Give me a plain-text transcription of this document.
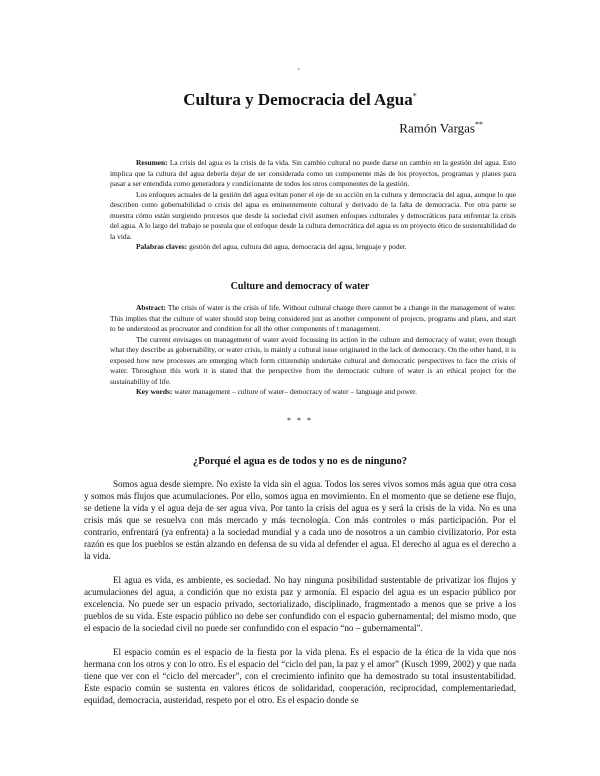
´
Cultura y Democracia del Agua*
Ramón Vargas**

Resumen: La crisis del agua es la crisis de la vida. Sin cambio cultural no puede darse un cambio en la gestión del agua. Esto implica que la cultura del agua debería dejar de ser considerada como un componente más de los proyectos, programas y planes para pasar a ser entendida como generadora y condicionante de todos los otros componentes de la gestión.

Los enfoques actuales de la gestión del agua evitan poner el eje de su acción en la cultura y democracia del agua, aunque lo que describen como gobernabilidad o crisis del agua es eminentemente cultural y derivado de la falta de democracia. Por otra parte se muestra cómo están surgiendo procesos que desde la sociedad civil asumen enfoques culturales y democráticos para enfrentar la crisis del agua. A lo largo del trabajo se postula que el enfoque desde la cultura democrática del agua es un proyecto ético de sustentabilidad de la vida.

Palabras claves: gestión del agua, cultura del agua, democracia del agua, lenguaje y poder.

Culture and democracy of water

Abstract: The crisis of water is the crisis of life. Without cultural change there cannot be a change in the management of water. This implies that the culture of water should stop being considered just as another component of projects, programs and plans, and start to be understood as procreator and condition for all the other components of t management.

The current envisages on management of water avoid focussing its action in the culture and democracy of water, even though what they describe as gobernability, or water crisis, is mainly a cultural issue originated in the lack of democracy. On the other hand, it is exposed how new processes are emerging which form citizenship undertake cultural and democratic perspectives to face the crisis of water. Throughout this work it is stated that the perspective from the democratic culture of water is an ethical project for the sustainability of life.

Key words: water management – culture of water– democracy of water – language and power.

* * *
¿Porqué el agua es de todos y no es de ninguno?

Somos agua desde siempre. No existe la vida sin el agua. Todos los seres vivos somos más agua que otra cosa y somos más flujos que acumulaciones. Por ello, somos agua en movimiento. En el momento que se detiene ese flujo, se detiene la vida y el agua deja de ser agua viva. Por tanto la crisis del agua es y será la crisis de la vida. No es una crisis más que se resuelva con más mercado y más tecnología. Con más controles o más participación. Por el contrario, enfrentará (ya enfrenta) a la sociedad mundial y a cada uno de nosotros a un cambio civilizatorio. Por esta razón es que los pueblos se están alzando en defensa de su vida al defender el agua. El derecho al agua es el derecho a la vida.

El agua es vida, es ambiente, es sociedad. No hay ninguna posibilidad sustentable de privatizar los flujos y acumulaciones del agua, a condición que no exista paz y armonía. El espacio del agua es un espacio público por excelencia. No puede ser un espacio privado, sectorializado, disciplinado, fragmentado a menos que se prive a los pueblos de su vida. Este espacio público no debe ser confundido con el espacio gubernamental; del mismo modo, que el espacio de la sociedad civil no puede ser confundido con el espacio “no – gubernamental”.

El espacio común es el espacio de la fiesta por la vida plena. Es el espacio de la ética de la vida que nos hermana con los otros y con lo otro. Es el espacio del “ciclo del pan, la paz y el amor” (Kusch 1999, 2002) y que nada tiene que ver con el “ciclo del mercader”, con el crecimiento infinito que ha demostrado su total insustentabilidad. Este espacio común se sustenta en valores éticos de solidaridad, cooperación, reciprocidad, complementariedad, equidad, democracia, austeridad, respeto por el otro. Es el espacio donde se
